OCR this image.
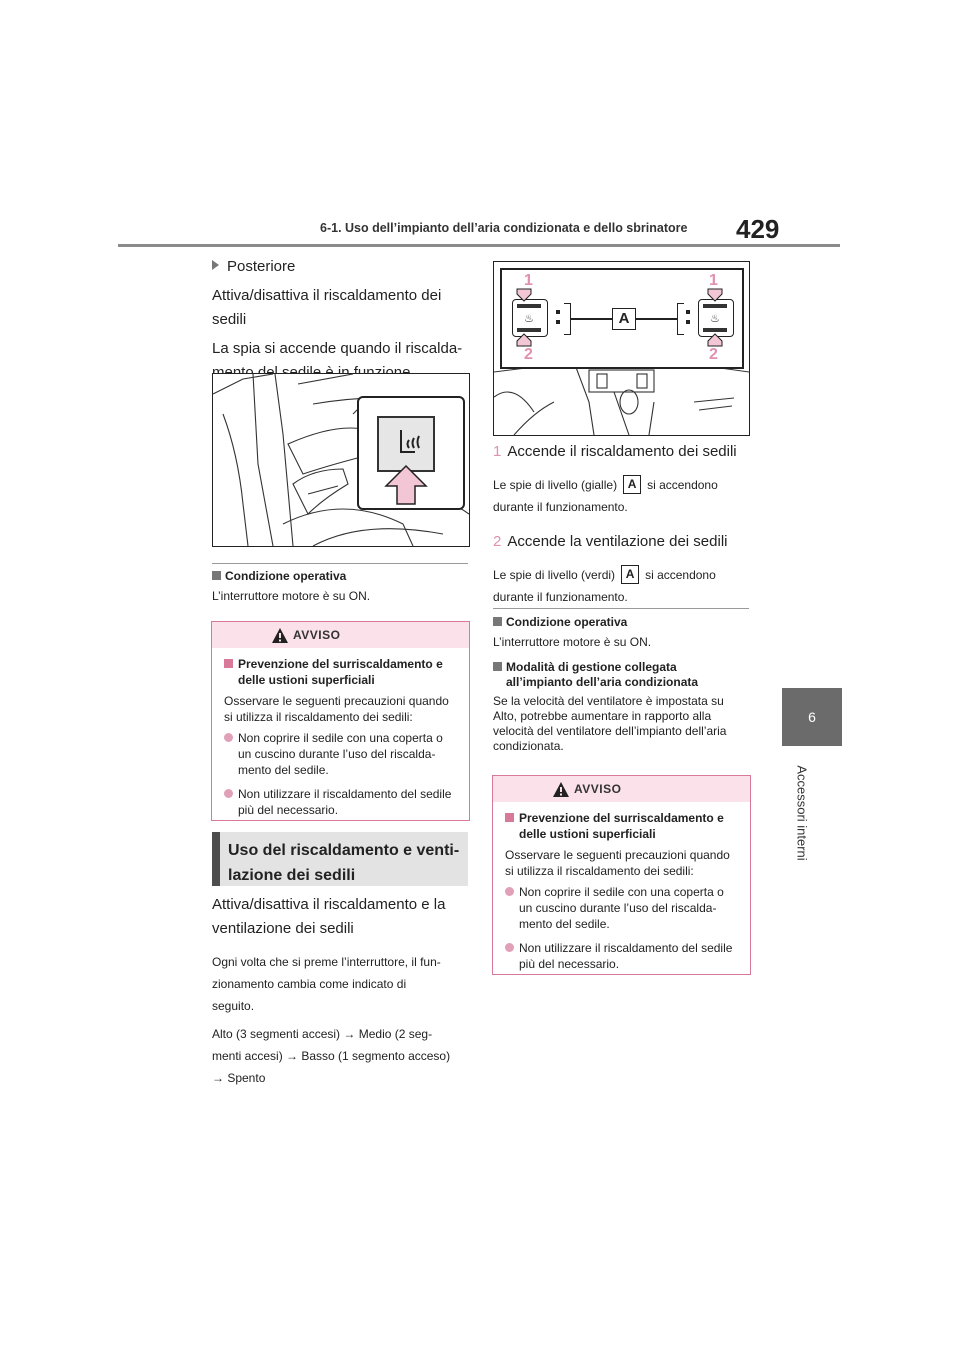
6-1. Uso dell’impianto dell’aria condizionata e dello sbrinatore 429
6
Accessori interni

Posteriore

Attiva/disattiva il riscaldamento dei

sedili

La spia si accende quando il riscalda-

Condizione operativa

L’interruttore motore è su ON.

AVVISO

Prevenzione del surriscaldamento e
delle ustioni superficiali

Osservare le seguenti precauzioni quando
si utilizza il riscaldamento dei sedili:

Non coprire il sedile con una coperta o
un cuscino durante l’uso del riscalda-
mento del sedile.

Non utilizzare il riscaldamento del sedile
più del necessario.

Uso del riscaldamento e venti-
lazione dei sedili

Attiva/disattiva il riscaldamento e la

ventilazione dei sedili

Ogni volta che si preme l’interruttore, il fun-

zionamento cambia come indicato di

seguito.

Alto (3 segmenti accesi) → Medio (2 seg-

menti accesi) → Basso (1 segmento acceso)

→ Spento

♨	A	♨
1	1
2	2

1 Accende il riscaldamento dei sedili

Le spie di livello (gialle) A si accendono

durante il funzionamento.

2 Accende la ventilazione dei sedili

Le spie di livello (verdi) A si accendono

durante il funzionamento.

Condizione operativa

L’interruttore motore è su ON.

Modalità di gestione collegata
all’impianto dell’aria condizionata

Se la velocità del ventilatore è impostata su
Alto, potrebbe aumentare in rapporto alla
velocità del ventilatore dell’impianto dell’aria
condizionata.

AVVISO

Prevenzione del surriscaldamento e
delle ustioni superficiali

Osservare le seguenti precauzioni quando
si utilizza il riscaldamento dei sedili:

Non coprire il sedile con una coperta o
un cuscino durante l’uso del riscalda-
mento del sedile.

Non utilizzare il riscaldamento del sedile
più del necessario.
